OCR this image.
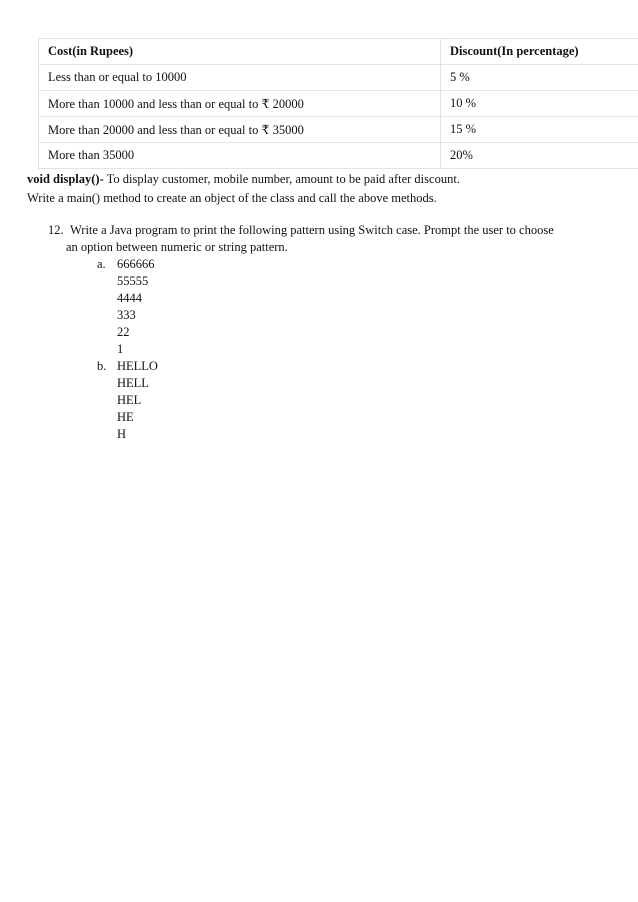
Cost(in Rupees)	Discount(In percentage)
Less than or equal to 10000	5 %
More than 10000 and less than or equal to ₹ 20000	10 %
More than 20000 and less than or equal to ₹ 35000	15 %
More than 35000	20%
void display()- To display customer, mobile number, amount to be paid after discount.
Write a main() method to create an object of the class and call the above methods.
12. Write a Java program to print the following pattern using Switch case. Prompt the user to choose
an option between numeric or string pattern.
a. 666666
55555
4444
333
22
1
b. HELLO
HELL
HEL
HE
H
